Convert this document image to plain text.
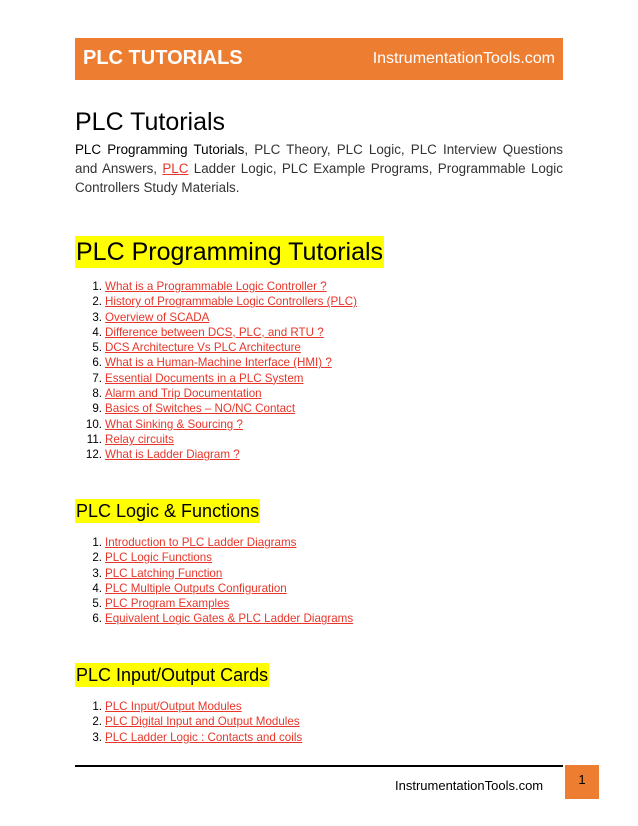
PLC TUTORIALS	InstrumentationTools.com
PLC Tutorials
PLC Programming Tutorials, PLC Theory, PLC Logic, PLC Interview Questions and Answers, PLC Ladder Logic, PLC Example Programs, Programmable Logic Controllers Study Materials.
PLC Programming Tutorials
1. What is a Programmable Logic Controller ?
2. History of Programmable Logic Controllers (PLC)
3. Overview of SCADA
4. Difference between DCS, PLC, and RTU ?
5. DCS Architecture Vs PLC Architecture
6. What is a Human-Machine Interface (HMI) ?
7. Essential Documents in a PLC System
8. Alarm and Trip Documentation
9. Basics of Switches – NO/NC Contact
10. What Sinking & Sourcing ?
11. Relay circuits
12. What is Ladder Diagram ?
PLC Logic & Functions
1. Introduction to PLC Ladder Diagrams
2. PLC Logic Functions
3. PLC Latching Function
4. PLC Multiple Outputs Configuration
5. PLC Program Examples
6. Equivalent Logic Gates & PLC Ladder Diagrams
PLC Input/Output Cards
1. PLC Input/Output Modules
2. PLC Digital Input and Output Modules
3. PLC Ladder Logic : Contacts and coils
InstrumentationTools.com	1
